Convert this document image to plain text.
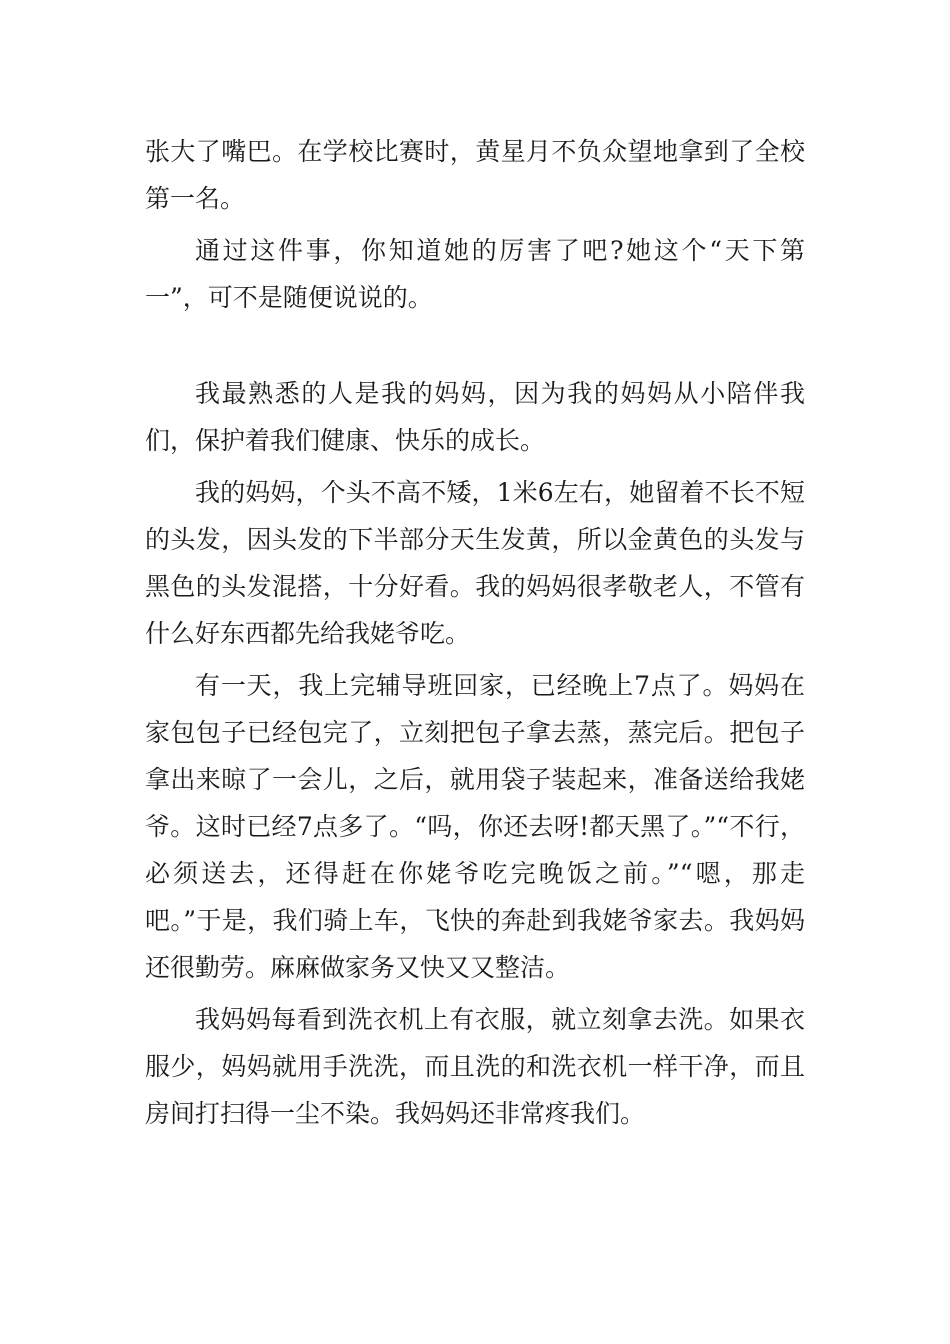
张大了嘴巴。在学校比赛时，黄星月不负众望地拿到了全校第一名。

通过这件事，你知道她的厉害了吧?她这个“天下第一”，可不是随便说说的。

我最熟悉的人是我的妈妈，因为我的妈妈从小陪伴我们，保护着我们健康、快乐的成长。

我的妈妈，个头不高不矮，1米6左右，她留着不长不短的头发，因头发的下半部分天生发黄，所以金黄色的头发与黑色的头发混搭，十分好看。我的妈妈很孝敬老人，不管有什么好东西都先给我姥爷吃。

有一天，我上完辅导班回家，已经晚上7点了。妈妈在家包包子已经包完了，立刻把包子拿去蒸，蒸完后。把包子拿出来晾了一会儿，之后，就用袋子装起来，准备送给我姥爷。这时已经7点多了。“吗，你还去呀!都天黑了。”“不行，必须送去，还得赶在你姥爷吃完晚饭之前。”“嗯，那走吧。”于是，我们骑上车，飞快的奔赴到我姥爷家去。我妈妈还很勤劳。麻麻做家务又快又又整洁。

我妈妈每看到洗衣机上有衣服，就立刻拿去洗。如果衣服少，妈妈就用手洗洗，而且洗的和洗衣机一样干净，而且房间打扫得一尘不染。我妈妈还非常疼我们。
